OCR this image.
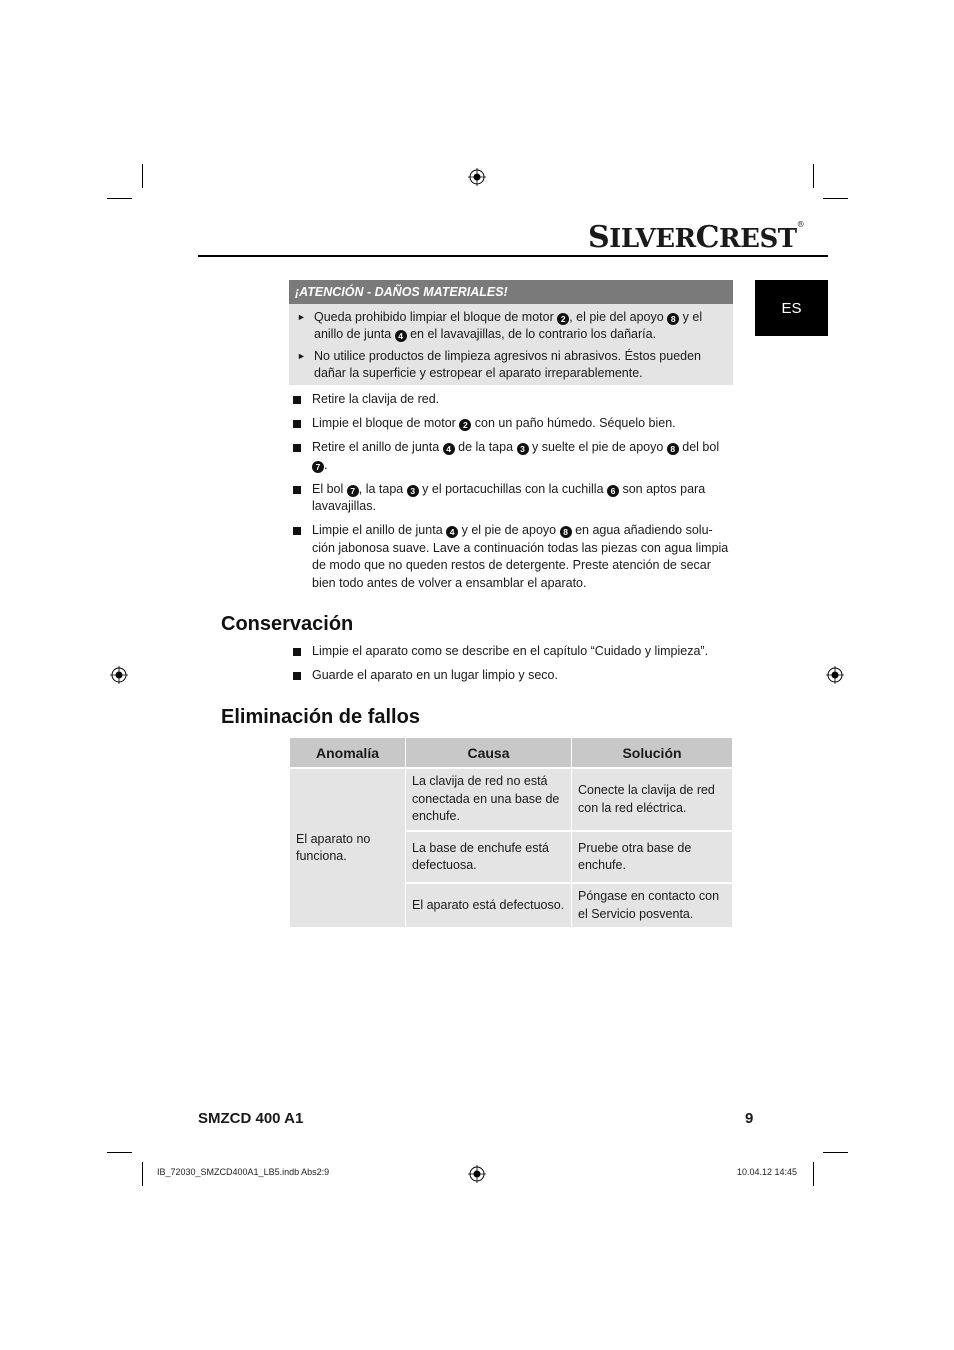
SILVERCREST®
ES
¡ATENCIÓN - DAÑOS MATERIALES!
► Queda prohibido limpiar el bloque de motor 2 , el pie del apoyo 8 y el anillo de junta 4 en el lavavajillas, de lo contrario los dañaría.
► No utilice productos de limpieza agresivos ni abrasivos. Éstos pueden dañar la superficie y estropear el aparato irreparablemente.
Retire la clavija de red.
Limpie el bloque de motor 2 con un paño húmedo. Séquelo bien.
Retire el anillo de junta 4 de la tapa 3 y suelte el pie de apoyo 8 del bol 7 .
El bol 7 , la tapa 3 y el portacuchillas con la cuchilla 6 son aptos para lavavajillas.
Limpie el anillo de junta 4 y el pie de apoyo 8 en agua añadiendo solu-ción jabonosa suave. Lave a continuación todas las piezas con agua limpia de modo que no queden restos de detergente. Preste atención de secar bien todo antes de volver a ensamblar el aparato.
Conservación
Limpie el aparato como se describe en el capítulo “Cuidado y limpieza”.
Guarde el aparato en un lugar limpio y seco.
Eliminación de fallos
Anomalía	Causa	Solución
El aparato no funciona.	La clavija de red no está conectada en una base de enchufe.	Conecte la clavija de red con la red eléctrica.
	La base de enchufe está defectuosa.	Pruebe otra base de enchufe.
	El aparato está defectuoso.	Póngase en contacto con el Servicio posventa.
SMZCD 400 A1	9
IB_72030_SMZCD400A1_LB5.indb Abs2:9	10.04.12 14:45
